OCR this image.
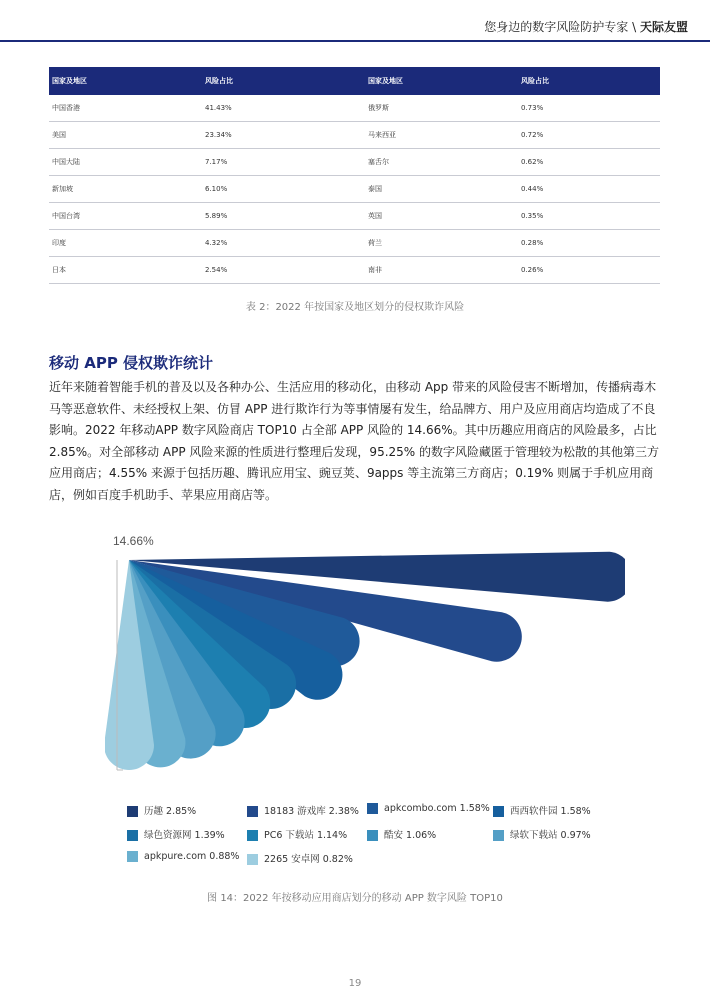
您身边的数字风险防护专家 \ 天际友盟
国家及地区	风险占比	国家及地区	风险占比
中国香港	41.43%	俄罗斯	0.73%
美国	23.34%	马来西亚	0.72%
中国大陆	7.17%	塞舌尔	0.62%
新加坡	6.10%	泰国	0.44%
中国台湾	5.89%	英国	0.35%
印度	4.32%	荷兰	0.28%
日本	2.54%	南非	0.26%
表 2：2022 年按国家及地区划分的侵权欺诈风险
移动 APP 侵权欺诈统计

近年来随着智能手机的普及以及各种办公、生活应用的移动化，由移动 App 带来的风险侵害不断增加，传播病毒木马等恶意软件、未经授权上架、仿冒 APP 进行欺诈行为等事情屡有发生，给品牌方、用户及应用商店均造成了不良影响。2022 年移动APP 数字风险商店 TOP10 占全部 APP 风险的 14.66%。其中历趣应用商店的风险最多，占比 2.85%。对全部移动 APP 风险来源的性质进行整理后发现，95.25% 的数字风险藏匿于管理较为松散的其他第三方应用商店；4.55% 来源于包括历趣、腾讯应用宝、豌豆荚、9apps 等主流第三方商店；0.19% 则属于手机应用商店，例如百度手机助手、苹果应用商店等。

14.66%
历趣 2.85%	18183 游戏库 2.38%	apkcombo.com 1.58%	西西软件园 1.58%
绿色资源网 1.39%	PC6 下载站 1.14%	酷安 1.06%	绿软下载站 0.97%
apkpure.com 0.88%	2265 安卓网 0.82%
图 14：2022 年按移动应用商店划分的移动 APP 数字风险 TOP10
19
